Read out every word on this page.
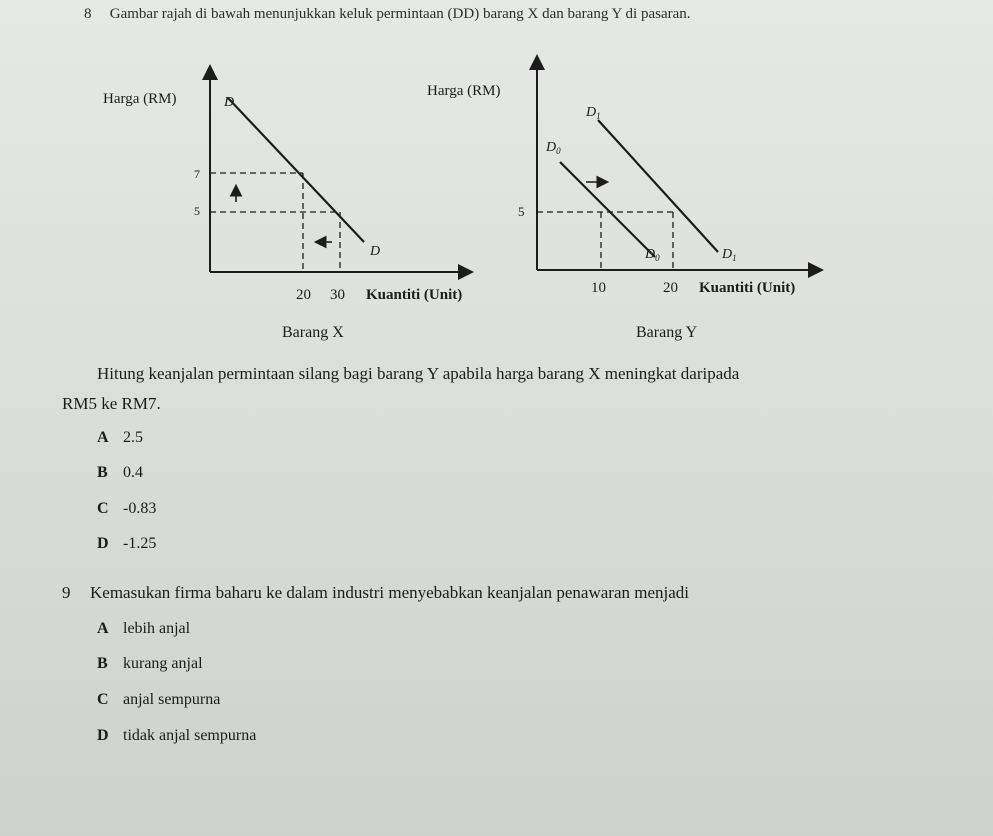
8 Gambar rajah di bawah menunjukkan keluk permintaan (DD) barang X dan barang Y di pasaran.
Harga (RM)	D
D
7
5
20 30 Kuantiti (Unit)
Barang X
Harga (RM)
$D_1$
$D_0$
$D_0$	$D_1$
5
10	20 Kuantiti (Unit)
Barang Y
Hitung keanjalan permintaan silang bagi barang Y apabila harga barang X meningkat daripada
RM5 ke RM7.
A 2.5
B 0.4
C -0.83
D -1.25
9 Kemasukan firma baharu ke dalam industri menyebabkan keanjalan penawaran menjadi
A lebih anjal
B kurang anjal
C anjal sempurna
D tidak anjal sempurna
